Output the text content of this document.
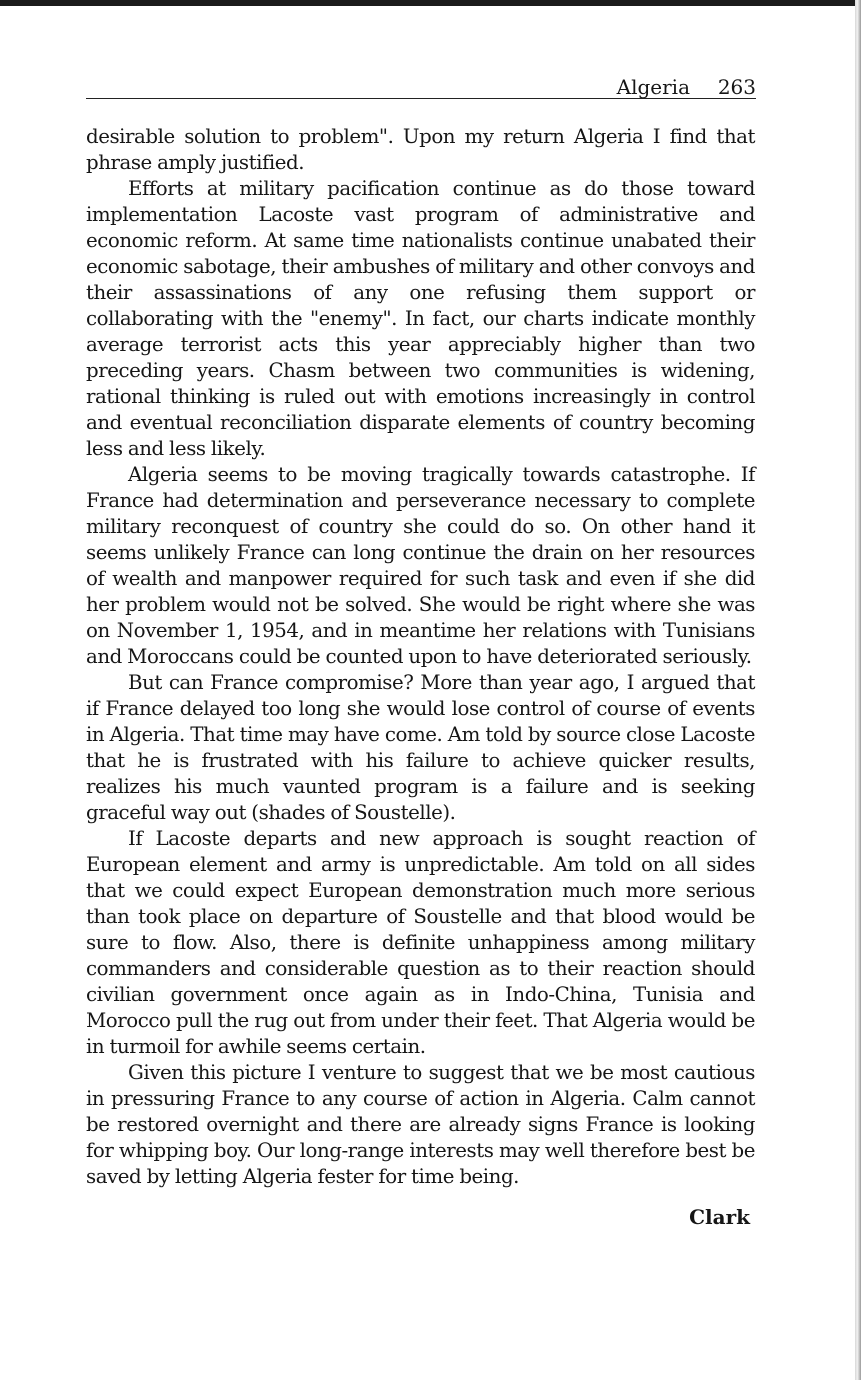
Algeria 263

desirable solution to problem". Upon my return Algeria I find that phrase amply justified.

Efforts at military pacification continue as do those toward implementation Lacoste vast program of administrative and economic reform. At same time nationalists continue unabated their economic sabotage, their ambushes of military and other convoys and their assassinations of any one refusing them support or collaborating with the "enemy". In fact, our charts indicate monthly average terrorist acts this year appreciably higher than two preceding years. Chasm between two communities is widening, rational thinking is ruled out with emotions increasingly in control and eventual reconciliation disparate elements of country becoming less and less likely.

Algeria seems to be moving tragically towards catastrophe. If France had determination and perseverance necessary to complete military reconquest of country she could do so. On other hand it seems unlikely France can long continue the drain on her resources of wealth and manpower required for such task and even if she did her problem would not be solved. She would be right where she was on November 1, 1954, and in meantime her relations with Tunisians and Moroccans could be counted upon to have deteriorated seriously.

But can France compromise? More than year ago, I argued that if France delayed too long she would lose control of course of events in Algeria. That time may have come. Am told by source close Lacoste that he is frustrated with his failure to achieve quicker results, realizes his much vaunted program is a failure and is seeking graceful way out (shades of Soustelle).

If Lacoste departs and new approach is sought reaction of European element and army is unpredictable. Am told on all sides that we could expect European demonstration much more serious than took place on departure of Soustelle and that blood would be sure to flow. Also, there is definite unhappiness among military commanders and considerable question as to their reaction should civilian government once again as in Indo-China, Tunisia and Morocco pull the rug out from under their feet. That Algeria would be in turmoil for awhile seems certain.

Given this picture I venture to suggest that we be most cautious in pressuring France to any course of action in Algeria. Calm cannot be restored overnight and there are already signs France is looking for whipping boy. Our long-range interests may well therefore best be saved by letting Algeria fester for time being.

Clark
